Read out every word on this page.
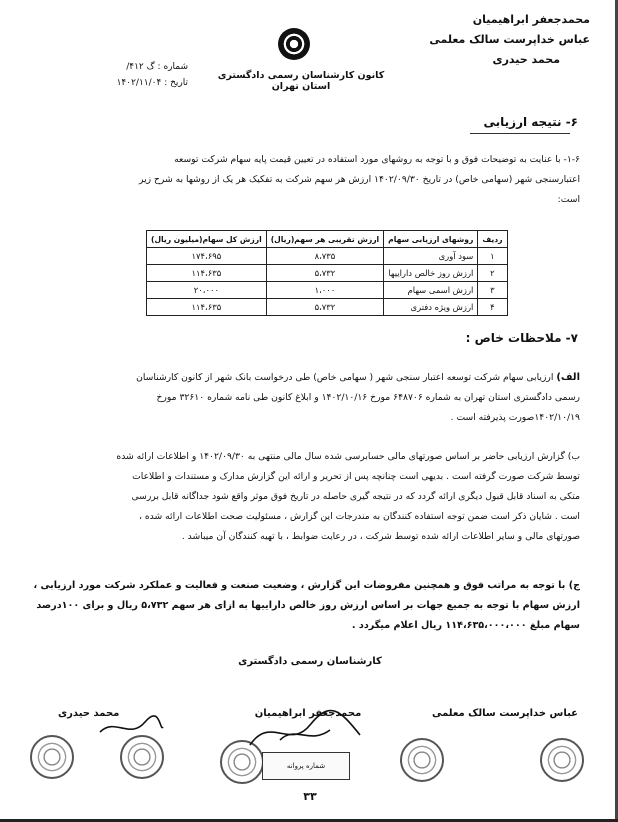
محمدجعفر ابراهیمیان
عباس خداپرست سالک معلمی
محمد حیدری
کانون کارشناسان رسمی دادگستری استان تهران
شماره : گ ۴۱۲/
تاریخ : ۱۴۰۲/۱۱/۰۴
۶- نتیجه ارزیابی
۱-۶- با عنایت به توضیحات فوق و با توجه به روشهای مورد استفاده در تعیین قیمت پایه سهام شرکت توسعه
اعتبارسنجی شهر (سهامی خاص) در تاریخ ۱۴۰۲/۰۹/۳۰ ارزش هر سهم شرکت به تفکیک هر یک از روشها به شرح زیر
است:
ردیف	روشهای ارزیابی سهام	ارزش تقریبی هر سهم(ریال)	ارزش کل سهام(میلیون ریال)
۱	سود آوری	۸،۷۳۵	۱۷۴،۶۹۵
۲	ارزش روز خالص داراییها	۵،۷۳۲	۱۱۴،۶۳۵
۳	ارزش اسمی سهام	۱،۰۰۰	۲۰،۰۰۰
۴	ارزش ویژه دفتری	۵،۷۳۲	۱۱۴،۶۳۵
۷- ملاحظات خاص :
الف) ارزیابی سهام شرکت توسعه اعتبار سنجی شهر ( سهامی خاص) طی درخواست بانک شهر از کانون کارشناسان
رسمی دادگستری استان تهران به شماره ۶۴۸۷۰۶ مورخ ۱۴۰۲/۱۰/۱۶ و ابلاغ کانون طی نامه شماره ۳۲۶۱۰ مورخ
۱۴۰۲/۱۰/۱۹صورت پذیرفته است .
ب) گزارش ارزیابی حاضر بر اساس صورتهای مالی حسابرسی شده سال مالی منتهی به ۱۴۰۲/۰۹/۳۰ و اطلاعات ارائه شده
توسط شرکت صورت گرفته است . بدیهی است چنانچه پس از تحریر و ارائه این گزارش مدارک و مستندات و اطلاعات
متکی به اسناد قابل قبول دیگری ارائه گردد که در نتیجه گیری حاصله در تاریخ فوق موثر واقع شود جداگانه قابل بررسی
است . شایان ذکر است ضمن توجه استفاده کنندگان به مندرجات این گزارش ، مسئولیت صحت اطلاعات ارائه شده ،
صورتهای مالی و سایر اطلاعات ارائه شده توسط شرکت ، در رعایت ضوابط ، با تهیه کنندگان آن میباشد .
ج) با توجه به مراتب فوق و همچنین مفروضات این گزارش ، وضعیت صنعت و فعالیت و عملکرد شرکت مورد ارزیابی ،
ارزش سهام با توجه به جمیع جهات بر اساس ارزش روز خالص داراییها به ازای هر سهم ۵،۷۳۲ ریال و برای ۱۰۰درصد
سهام مبلغ ۱۱۴،۶۳۵،۰۰۰،۰۰۰ ریال اعلام میگردد .
کارشناسان رسمی دادگستری
عباس خداپرست سالک معلمی
محمدجعفر ابراهیمیان
محمد حیدری
شماره پروانه
۳۳
